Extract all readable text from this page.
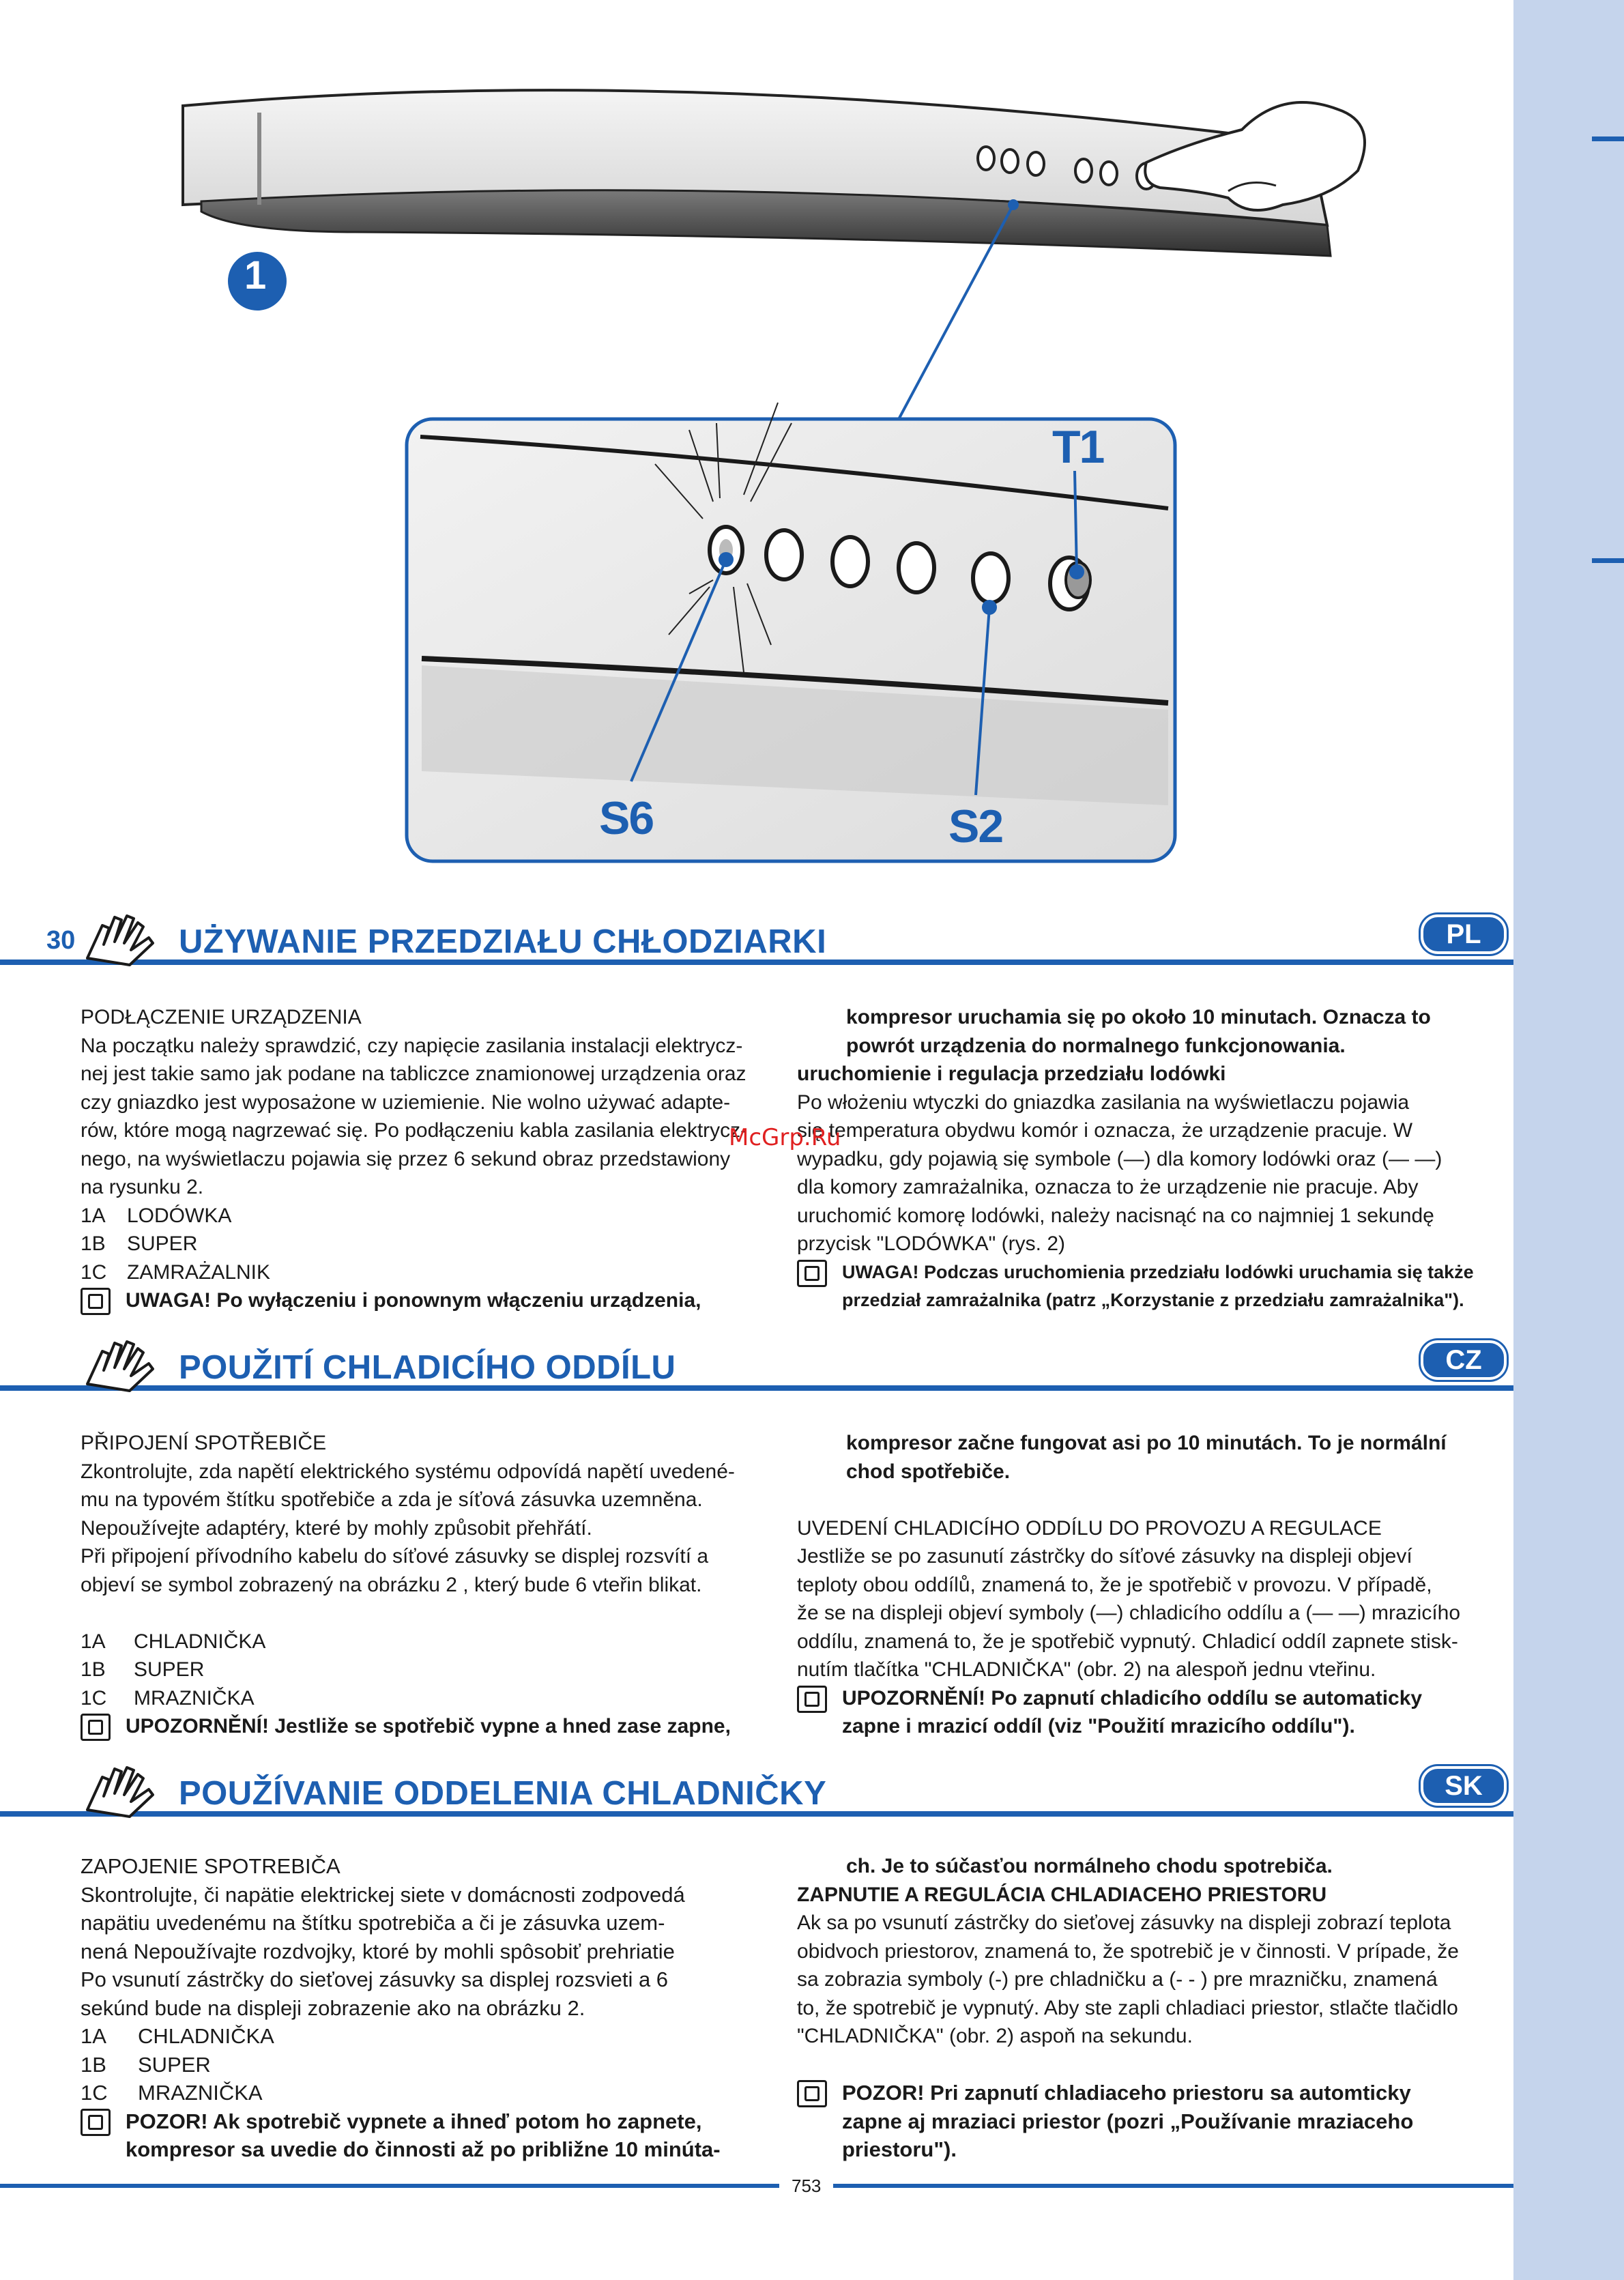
1
T1
S6	S2
30	UŻYWANIE PRZEDZIAŁU CHŁODZIARKI	PL

PODŁĄCZENIE URZĄDZENIA

Na początku należy sprawdzić, czy napięcie zasilania instalacji elektrycz-

nej jest takie samo jak podane na tabliczce znamionowej urządzenia oraz

czy gniazdko jest wyposażone w uziemienie. Nie wolno używać adapte-

rów, które mogą nagrzewać się. Po podłączeniu kabla zasilania elektrycz-

nego, na wyświetlaczu pojawia się przez 6 sekund obraz przedstawiony

na rysunku 2.

1A	LODÓWKA
1B	SUPER
1C ZAMRAŻALNIK
UWAGA! Po wyłączeniu i ponownym włączeniu urządzenia,

kompresor uruchamia się po około 10 minutach. Oznacza to

powrót urządzenia do normalnego funkcjonowania.

uruchomienie i regulacja przedziału lodówki

Po włożeniu wtyczki do gniazdka zasilania na wyświetlaczu pojawia

się temperatura obydwu komór i oznacza, że urządzenie pracuje. W

wypadku, gdy pojawią się symbole (—) dla komory lodówki oraz (— —)

dla komory zamrażalnika, oznacza to że urządzenie nie pracuje. Aby

uruchomić komorę lodówki, należy nacisnąć na co najmniej 1 sekundę

przycisk "LODÓWKA" (rys. 2)

UWAGA! Podczas uruchomienia przedziału lodówki uruchamia się także
przedział zamrażalnika (patrz „Korzystanie z przedziału zamrażalnika").
POUŽITÍ CHLADICÍHO ODDÍLU	CZ

PŘIPOJENÍ SPOTŘEBIČE

Zkontrolujte, zda napětí elektrického systému odpovídá napětí uvedené-

mu na typovém štítku spotřebiče a zda je síťová zásuvka uzemněna.

Nepoužívejte adaptéry, které by mohly způsobit přehřátí.

Při připojení přívodního kabelu do síťové zásuvky se displej rozsvítí a

objeví se symbol zobrazený na obrázku 2 , který bude 6 vteřin blikat.

1A	CHLADNIČKA
1B	SUPER
1C	MRAZNIČKA
UPOZORNĚNÍ! Jestliže se spotřebič vypne a hned zase zapne,

kompresor začne fungovat asi po 10 minutách. To je normální

chod spotřebiče.

UVEDENÍ CHLADICÍHO ODDÍLU DO PROVOZU A REGULACE

Jestliže se po zasunutí zástrčky do síťové zásuvky na displeji objeví

teploty obou oddílů, znamená to, že je spotřebič v provozu. V případě,

že se na displeji objeví symboly (—) chladicího oddílu a (— —) mrazicího

oddílu, znamená to, že je spotřebič vypnutý. Chladicí oddíl zapnete stisk-

nutím tlačítka "CHLADNIČKA" (obr. 2) na alespoň jednu vteřinu.

UPOZORNĚNÍ! Po zapnutí chladicího oddílu se automaticky
zapne i mrazicí oddíl (viz "Použití mrazicího oddílu").
POUŽÍVANIE ODDELENIA CHLADNIČKY	SK

ZAPOJENIE SPOTREBIČA

Skontrolujte, či napätie elektrickej siete v domácnosti zodpovedá

napätiu uvedenému na štítku spotrebiča a či je zásuvka uzem-

nená Nepoužívajte rozdvojky, ktoré by mohli spôsobiť prehriatie

Po vsunutí zástrčky do sieťovej zásuvky sa displej rozsvieti a 6

sekúnd bude na displeji zobrazenie ako na obrázku 2.

1A	CHLADNIČKA
1B	SUPER
1C	MRAZNIČKA
POZOR! Ak spotrebič vypnete a ihneď potom ho zapnete,
kompresor sa uvedie do činnosti až po približne 10 minúta-

ch. Je to súčasťou normálneho chodu spotrebiča.

ZAPNUTIE A REGULÁCIA CHLADIACEHO PRIESTORU

Ak sa po vsunutí zástrčky do sieťovej zásuvky na displeji zobrazí teplota

obidvoch priestorov, znamená to, že spotrebič je v činnosti. V prípade, že

sa zobrazia symboly (-) pre chladničku a (- - ) pre mrazničku, znamená

to, že spotrebič je vypnutý. Aby ste zapli chladiaci priestor, stlačte tlačidlo

"CHLADNIČKA" (obr. 2) aspoň na sekundu.

POZOR! Pri zapnutí chladiaceho priestoru sa automticky
zapne aj mraziaci priestor (pozri „Používanie mraziaceho
priestoru").
McGrp.Ru
753
